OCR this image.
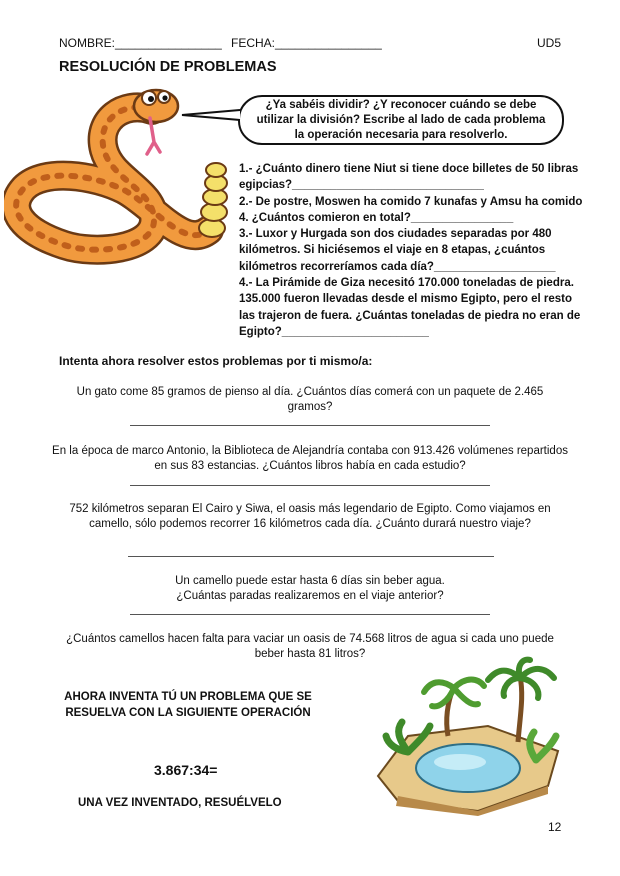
NOMBRE:________________ FECHA:________________	UD5
RESOLUCIÓN DE PROBLEMAS
¿Ya sabéis dividir? ¿Y reconocer cuándo se debe utilizar la división? Escribe al lado de cada problema la operación necesaria para resolverlo.

1.- ¿Cuánto dinero tiene Niut si tiene doce billetes de 50 libras egipcias?______________________________

2.- De postre, Moswen ha comido 7 kunafas y Amsu ha comido 4. ¿Cuántos comieron en total?________________

3.- Luxor y Hurgada son dos ciudades separadas por 480 kilómetros. Si hiciésemos el viaje en 8 etapas, ¿cuántos kilómetros recorreríamos cada día?___________________

4.- La Pirámide de Giza necesitó 170.000 toneladas de piedra. 135.000 fueron llevadas desde el mismo Egipto, pero el resto las trajeron de fuera. ¿Cuántas toneladas de piedra no eran de Egipto?_______________________

Intenta ahora resolver estos problemas por ti mismo/a:

Un gato come 85 gramos de pienso al día. ¿Cuántos días comerá con un paquete de 2.465 gramos?

En la época de marco Antonio, la Biblioteca de Alejandría contaba con 913.426 volúmenes repartidos en sus 83 estancias. ¿Cuántos libros había en cada estudio?

752 kilómetros separan El Cairo y Siwa, el oasis más legendario de Egipto. Como viajamos en camello, sólo podemos recorrer 16 kilómetros cada día. ¿Cuánto durará nuestro viaje?

Un camello puede estar hasta 6 días sin beber agua. ¿Cuántas paradas realizaremos en el viaje anterior?

¿Cuántos camellos hacen falta para vaciar un oasis de 74.568 litros de agua si cada uno puede beber hasta 81 litros?

AHORA INVENTA TÚ UN PROBLEMA QUE SE RESUELVA CON LA SIGUIENTE OPERACIÓN
3.867:34=
UNA VEZ INVENTADO, RESUÉLVELO
12
